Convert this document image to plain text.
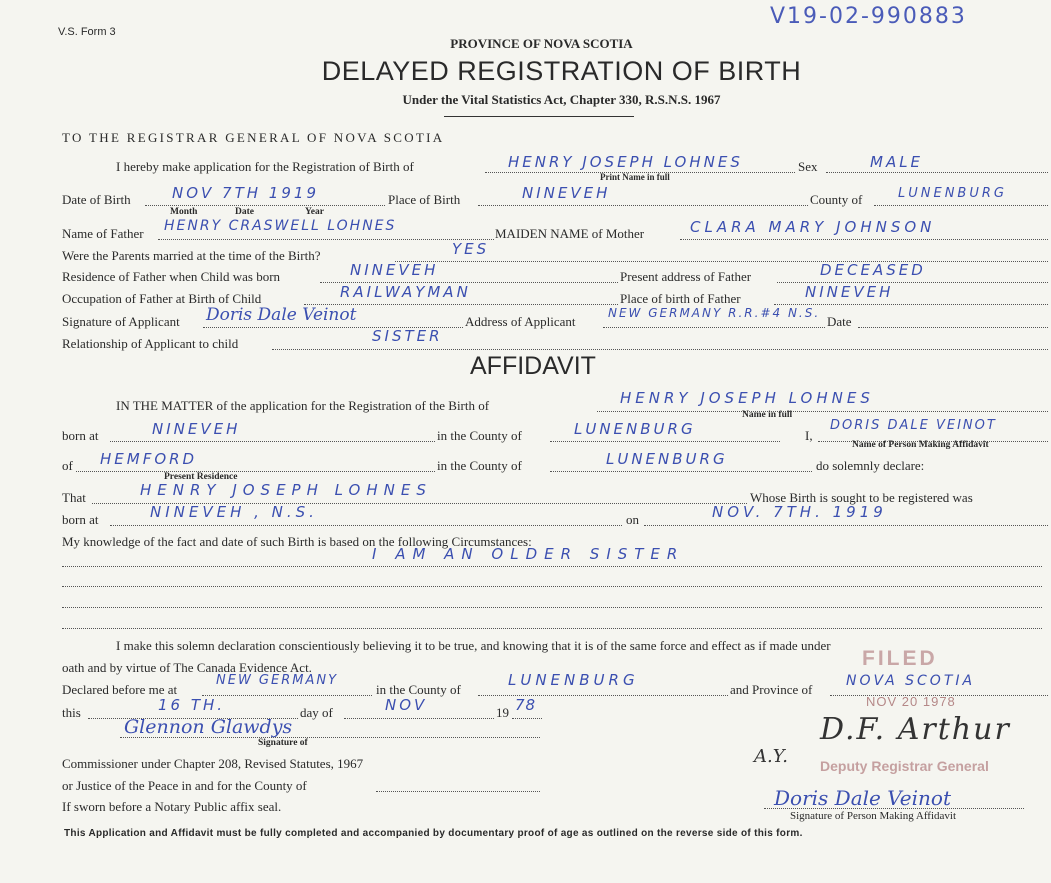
V.S. Form 3
V19-02-990883
PROVINCE OF NOVA SCOTIA
DELAYED REGISTRATION OF BIRTH
Under the Vital Statistics Act, Chapter 330, R.S.N.S. 1967
TO THE REGISTRAR GENERAL OF NOVA SCOTIA
I hereby make application for the Registration of Birth of	HENRY JOSEPH LOHNES
Print Name in full
Sex	MALE
Date of Birth	NOV 7TH 1919
Month	Date	Year
Place of Birth	NINEVEH	County of	LUNENBURG
Name of Father HENRY CRASWELL LOHNES	MAIDEN NAME of Mother	CLARA MARY JOHNSON
Were the Parents married at the time of the Birth?	YES
Residence of Father when Child was born	NINEVEH	Present address of Father	DECEASED
Occupation of Father at Birth of Child	RAILWAYMAN	Place of birth of Father	NINEVEH
Signature of Applicant Doris Dale Veinot	Address of Applicant
NEW GERMANY R.R.#4 N.S.
Date
Relationship of Applicant to child	SISTER
AFFIDAVIT
IN THE MATTER of the application for the Registration of the Birth of	HENRY JOSEPH LOHNES
Name in full
born at	NINEVEH	in the County of	LUNENBURG	I,
DORIS DALE VEINOT
Name of Person Making Affidavit
of HEMFORD
Present Residence
in the County of	LUNENBURG	do solemnly declare:
That	HENRY JOSEPH LOHNES	Whose Birth is sought to be registered was
born at	NINEVEH , N.S.	on	NOV. 7TH. 1919
My knowledge of the fact and date of such Birth is based on the following Circumstances:
I AM AN OLDER SISTER
I make this solemn declaration conscientiously believing it to be true, and knowing that it is of the same force and effect as if made under
oath and by virtue of The Canada Evidence Act.	FILED
Declared before me at
NEW GERMANY
in the County of
LUNENBURG
and Province of
NOVA SCOTIA
NOV 20 1978
this	16 TH.	day of	NOV	19 78
Glennon Glawdys
Signature of	D.F. Arthur
A.Y. Deputy Registrar General
Commissioner under Chapter 208, Revised Statutes, 1967
or Justice of the Peace in and for the County of
If sworn before a Notary Public affix seal.	Doris Dale Veinot
Signature of Person Making Affidavit
This Application and Affidavit must be fully completed and accompanied by documentary proof of age as outlined on the reverse side of this form.
